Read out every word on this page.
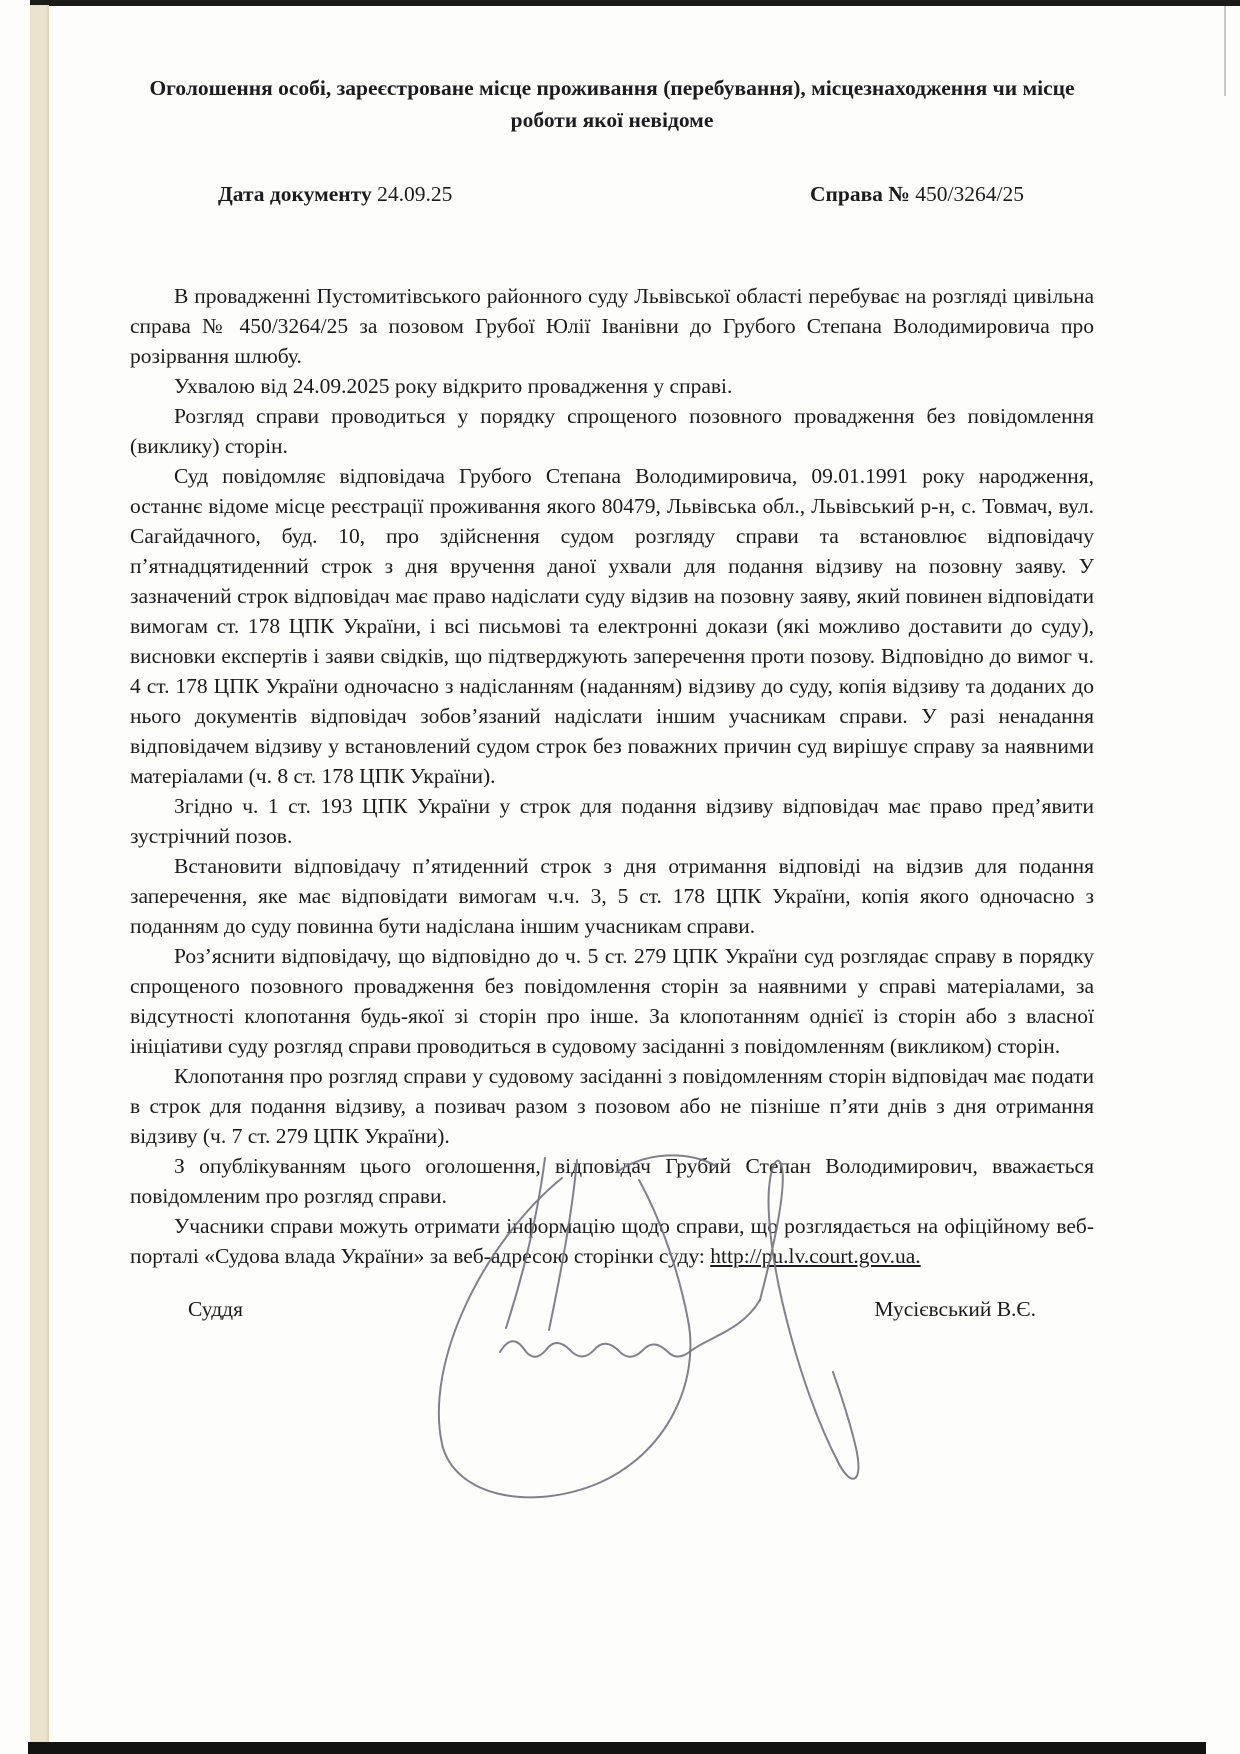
Оголошення особі, зареєстроване місце проживання (перебування), місцезнаходження чи місце роботи якої невідоме
Дата документу 24.09.25	Справа № 450/3264/25

В провадженні Пустомитівського районного суду Львівської області перебуває на розгляді цивільна справа № 450/3264/25 за позовом Грубої Юлії Іванівни до Грубого Степана Володимировича про розірвання шлюбу.

Ухвалою від 24.09.2025 року відкрито провадження у справі.

Розгляд справи проводиться у порядку спрощеного позовного провадження без повідомлення (виклику) сторін.

Суд повідомляє відповідача Грубого Степана Володимировича, 09.01.1991 року народження, останнє відоме місце реєстрації проживання якого 80479, Львівська обл., Львівський р-н, с. Товмач, вул. Сагайдачного, буд. 10, про здійснення судом розгляду справи та встановлює відповідачу п’ятнадцятиденний строк з дня вручення даної ухвали для подання відзиву на позовну заяву. У зазначений строк відповідач має право надіслати суду відзив на позовну заяву, який повинен відповідати вимогам ст. 178 ЦПК України, і всі письмові та електронні докази (які можливо доставити до суду), висновки експертів і заяви свідків, що підтверджують заперечення проти позову. Відповідно до вимог ч. 4 ст. 178 ЦПК України одночасно з надісланням (наданням) відзиву до суду, копія відзиву та доданих до нього документів відповідач зобов’язаний надіслати іншим учасникам справи. У разі ненадання відповідачем відзиву у встановлений судом строк без поважних причин суд вирішує справу за наявними матеріалами (ч. 8 ст. 178 ЦПК України).

Згідно ч. 1 ст. 193 ЦПК України у строк для подання відзиву відповідач має право пред’явити зустрічний позов.

Встановити відповідачу п’ятиденний строк з дня отримання відповіді на відзив для подання заперечення, яке має відповідати вимогам ч.ч. 3, 5 ст. 178 ЦПК України, копія якого одночасно з поданням до суду повинна бути надіслана іншим учасникам справи.

Роз’яснити відповідачу, що відповідно до ч. 5 ст. 279 ЦПК України суд розглядає справу в порядку спрощеного позовного провадження без повідомлення сторін за наявними у справі матеріалами, за відсутності клопотання будь-якої зі сторін про інше. За клопотанням однієї із сторін або з власної ініціативи суду розгляд справи проводиться в судовому засіданні з повідомленням (викликом) сторін.

Клопотання про розгляд справи у судовому засіданні з повідомленням сторін відповідач має подати в строк для подання відзиву, а позивач разом з позовом або не пізніше п’яти днів з дня отримання відзиву (ч. 7 ст. 279 ЦПК України).

З опублікуванням цього оголошення, відповідач Грубий Степан Володимирович, вважається повідомленим про розгляд справи.

Учасники справи можуть отримати інформацію щодо справи, що розглядається на офіційному веб-порталі «Судова влада України» за веб-адресою сторінки суду: http://pu.lv.court.gov.ua.

Суддя	Мусієвський В.Є.
